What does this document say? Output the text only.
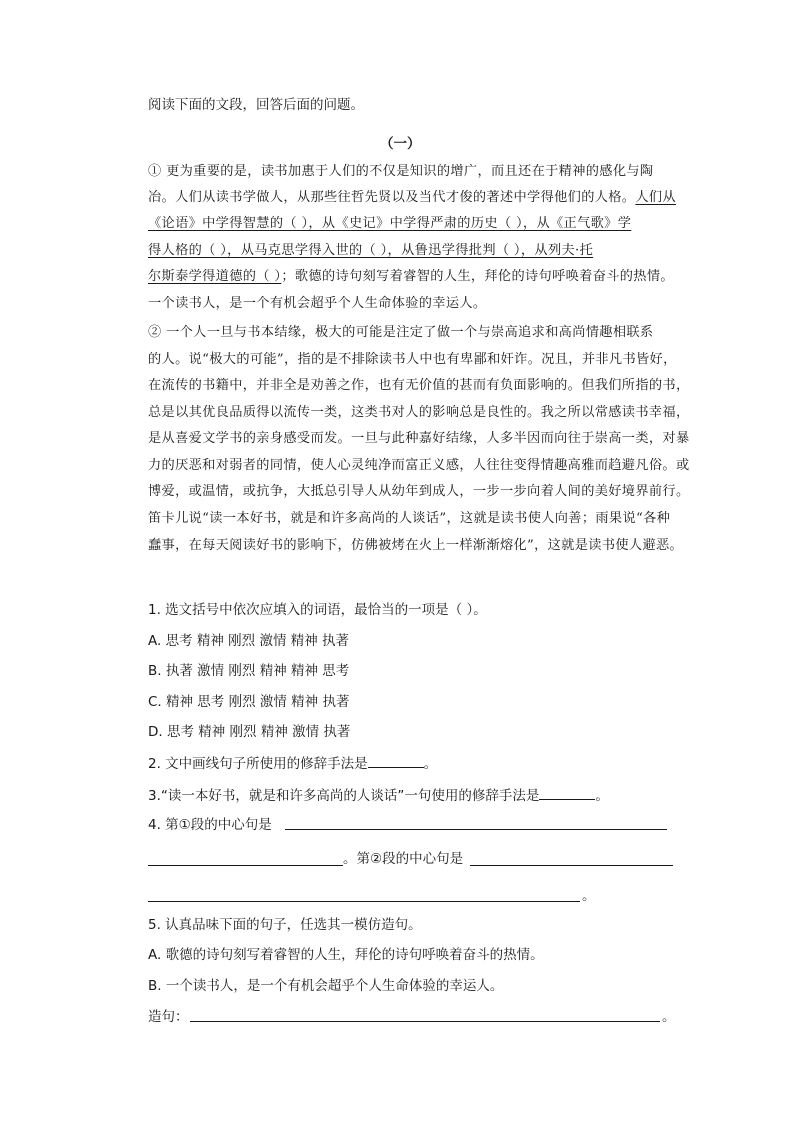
阅读下面的文段，回答后面的问题。
（一）
① 更为重要的是，读书加惠于人们的不仅是知识的增广，而且还在于精神的感化与陶
冶。人们从读书学做人，从那些往哲先贤以及当代才俊的著述中学得他们的人格。人们从
《论语》中学得智慧的（ ），从《史记》中学得严肃的历史（ ），从《正气歌》学
得人格的（ ），从马克思学得入世的（ ），从鲁迅学得批判（ ），从列夫·托
尔斯泰学得道德的（ ）；歌德的诗句刻写着睿智的人生，拜伦的诗句呼唤着奋斗的热情。
一个读书人，是一个有机会超乎个人生命体验的幸运人。
② 一个人一旦与书本结缘，极大的可能是注定了做一个与崇高追求和高尚情趣相联系
的人。说“极大的可能”，指的是不排除读书人中也有卑鄙和奸诈。况且，并非凡书皆好，
在流传的书籍中，并非全是劝善之作，也有无价值的甚而有负面影响的。但我们所指的书，
总是以其优良品质得以流传一类，这类书对人的影响总是良性的。我之所以常感读书幸福，
是从喜爱文学书的亲身感受而发。一旦与此种嘉好结缘，人多半因而向往于崇高一类，对暴
力的厌恶和对弱者的同情，使人心灵纯净而富正义感，人往往变得情趣高雅而趋避凡俗。或
博爱，或温情，或抗争，大抵总引导人从幼年到成人，一步一步向着人间的美好境界前行。
笛卡儿说“读一本好书，就是和许多高尚的人谈话”，这就是读书使人向善；雨果说“各种
蠢事，在每天阅读好书的影响下，仿佛被烤在火上一样渐渐熔化”，这就是读书使人避恶。
1. 选文括号中依次应填入的词语，最恰当的一项是（ ）。
A. 思考 精神 刚烈 激情 精神 执著
B. 执著 激情 刚烈 精神 精神 思考
C. 精神 思考 刚烈 激情 精神 执著
D. 思考 精神 刚烈 精神 激情 执著
2. 文中画线句子所使用的修辞手法是	。
3.“读一本好书，就是和许多高尚的人谈话”一句使用的修辞手法是	。
4. 第①段的中心句是
。第②段的中心句是
。
5. 认真品味下面的句子，任选其一模仿造句。
A. 歌德的诗句刻写着睿智的人生，拜伦的诗句呼唤着奋斗的热情。
B. 一个读书人，是一个有机会超乎个人生命体验的幸运人。
造句：	。
